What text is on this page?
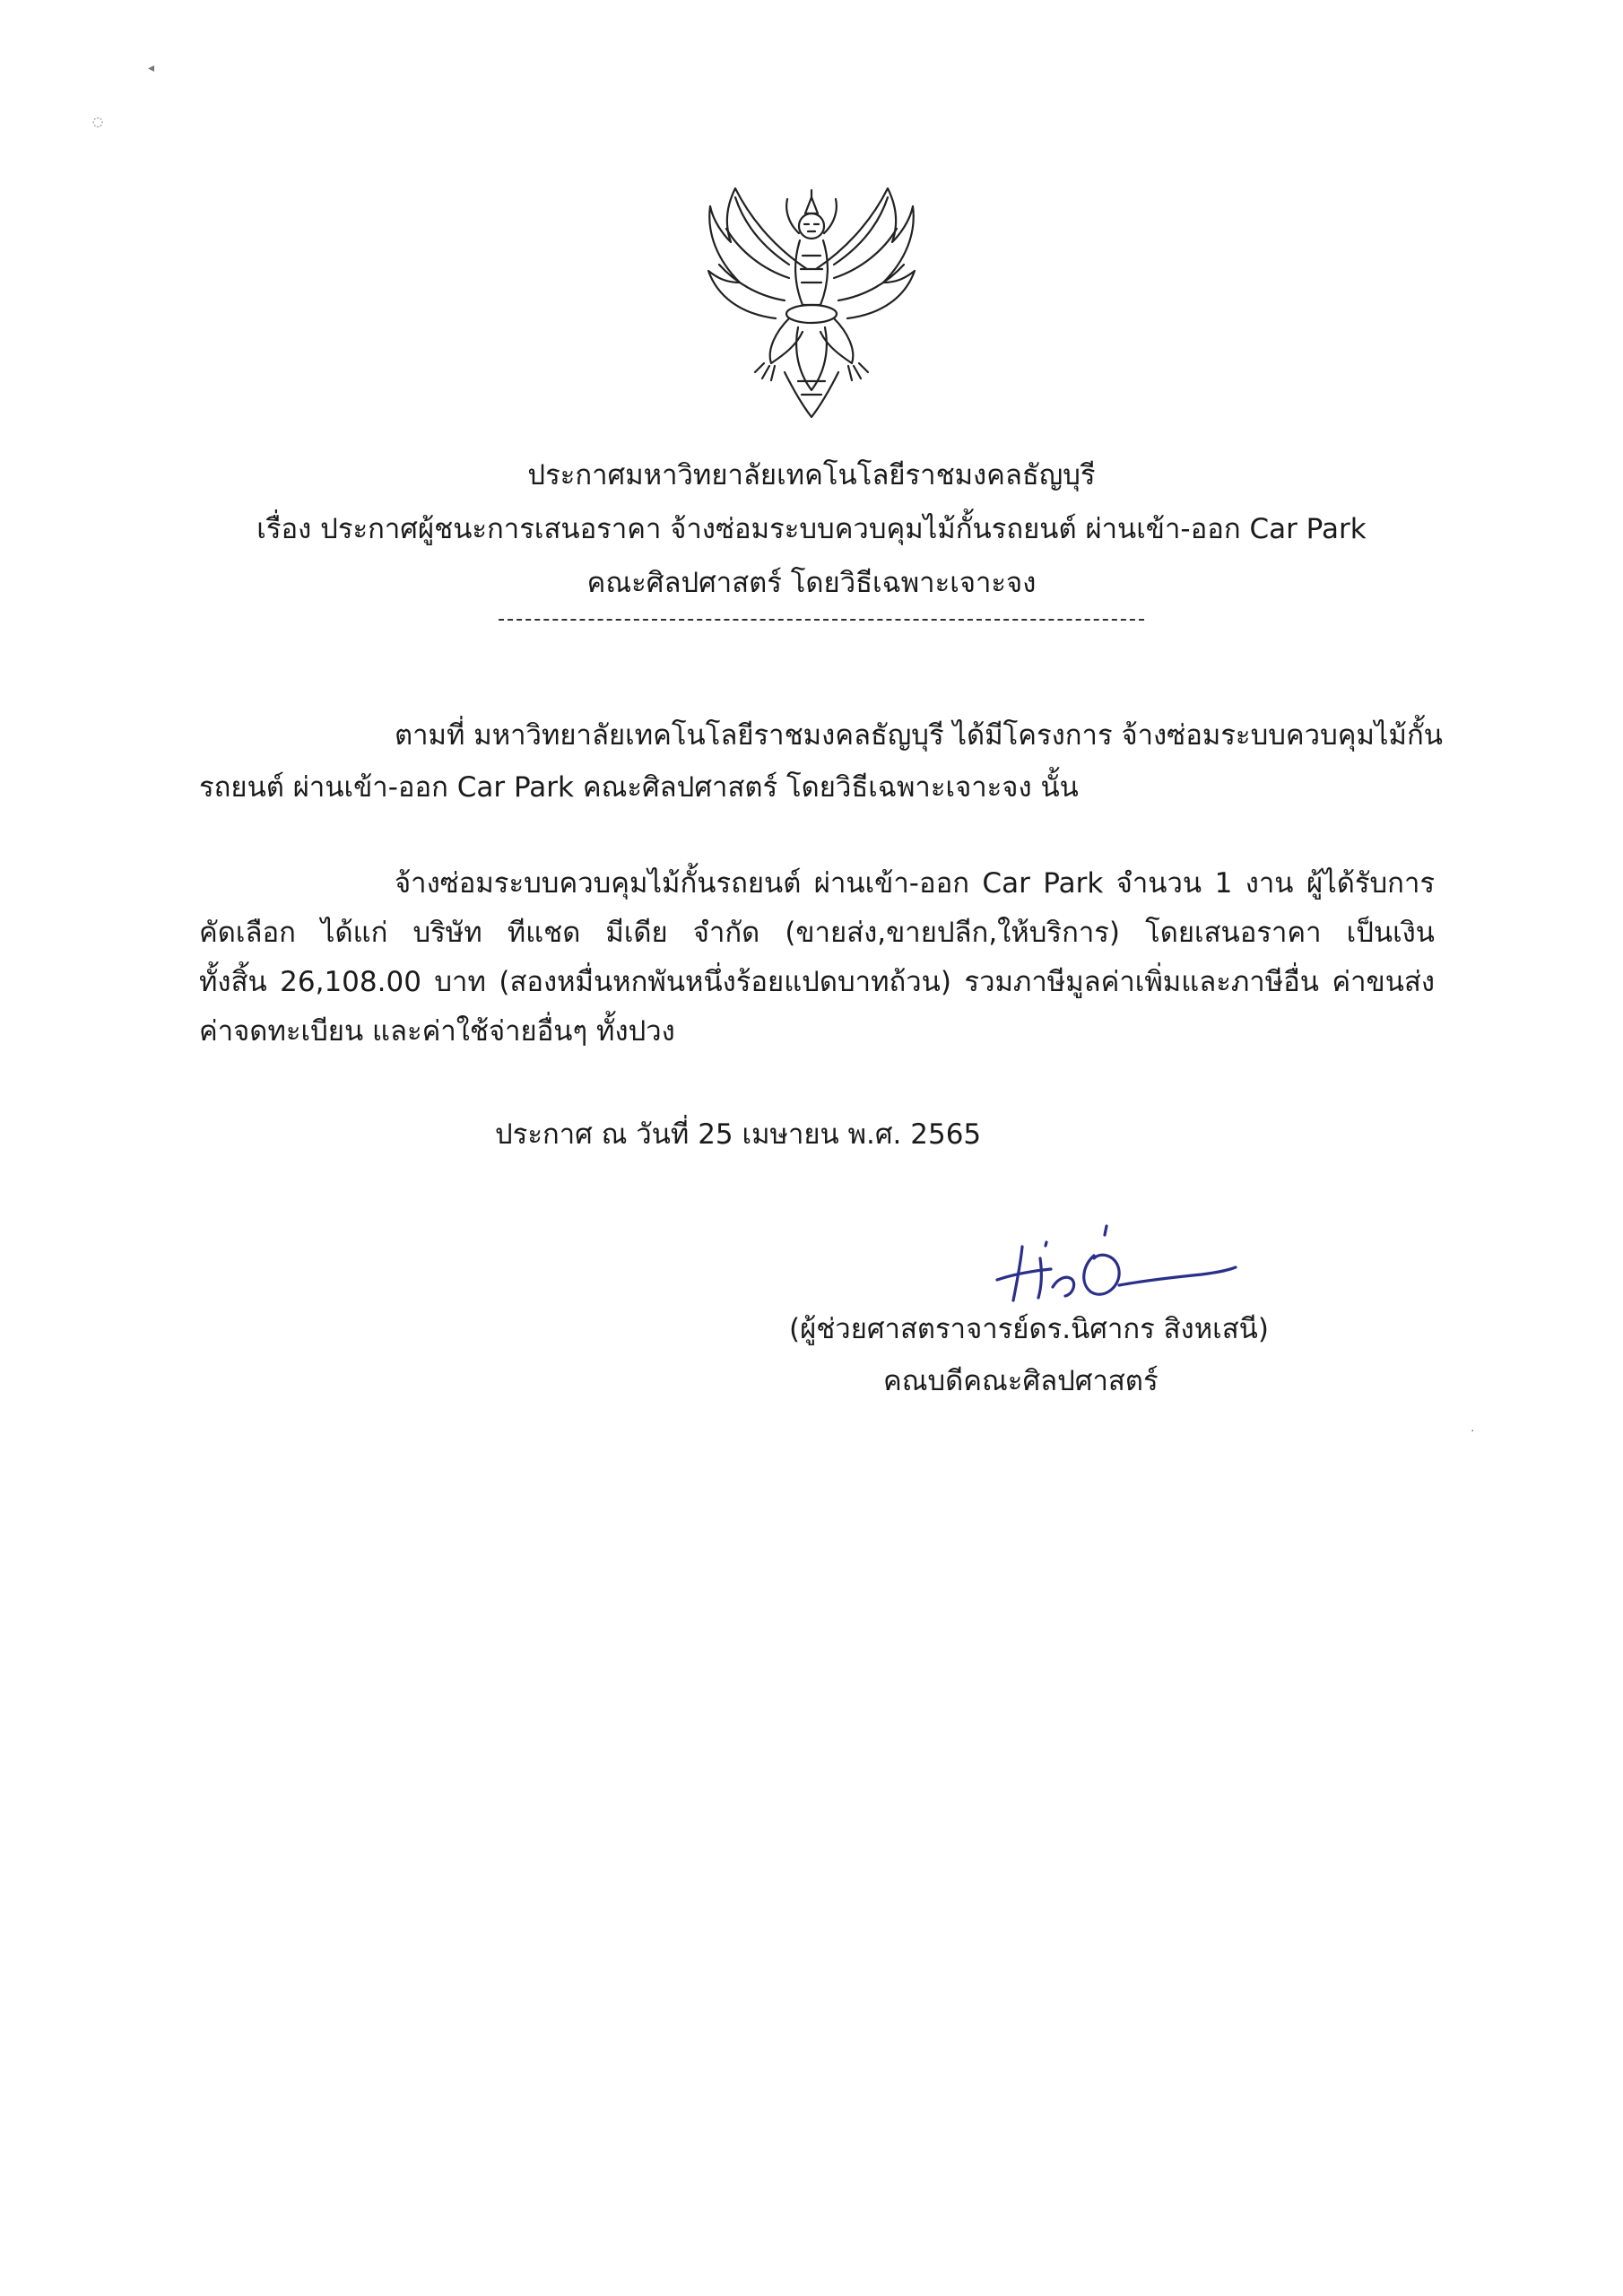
◂
◌
ประกาศมหาวิทยาลัยเทคโนโลยีราชมงคลธัญบุรี
เรื่อง ประกาศผู้ชนะการเสนอราคา จ้างซ่อมระบบควบคุมไม้กั้นรถยนต์ ผ่านเข้า-ออก Car Park
คณะศิลปศาสตร์ โดยวิธีเฉพาะเจาะจง
ตามที่ มหาวิทยาลัยเทคโนโลยีราชมงคลธัญบุรี ได้มีโครงการ จ้างซ่อมระบบควบคุมไม้กั้น
รถยนต์ ผ่านเข้า-ออก Car Park คณะศิลปศาสตร์ โดยวิธีเฉพาะเจาะจง นั้น
จ้างซ่อมระบบควบคุมไม้กั้นรถยนต์ ผ่านเข้า-ออก Car Park จำนวน 1 งาน ผู้ได้รับการ
คัดเลือก ได้แก่ บริษัท ทีแชด มีเดีย จำกัด (ขายส่ง,ขายปลีก,ให้บริการ) โดยเสนอราคา เป็นเงิน
ทั้งสิ้น 26,108.00 บาท (สองหมื่นหกพันหนึ่งร้อยแปดบาทถ้วน) รวมภาษีมูลค่าเพิ่มและภาษีอื่น ค่าขนส่ง
ค่าจดทะเบียน และค่าใช้จ่ายอื่นๆ ทั้งปวง
ประกาศ ณ วันที่ 25 เมษายน พ.ศ. 2565
(ผู้ช่วยศาสตราจารย์ดร.นิศากร สิงหเสนี)
คณบดีคณะศิลปศาสตร์
·
